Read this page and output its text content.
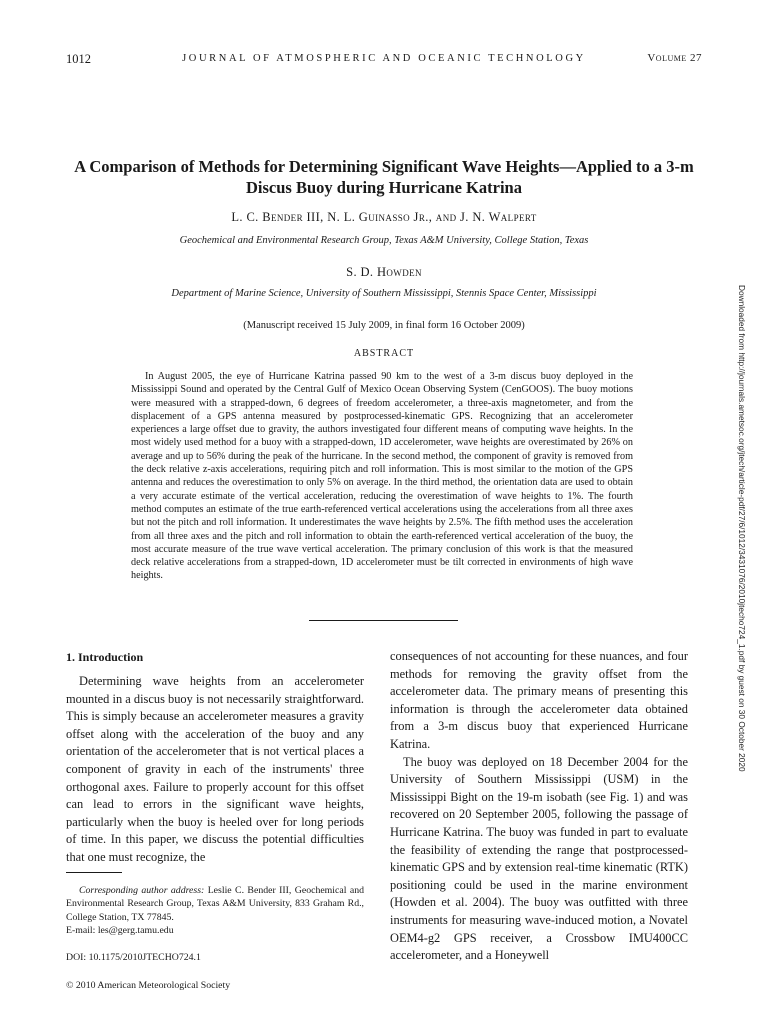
1012	JOURNAL OF ATMOSPHERIC AND OCEANIC TECHNOLOGY	Volume 27
A Comparison of Methods for Determining Significant Wave Heights—Applied to a 3-m Discus Buoy during Hurricane Katrina
L. C. Bender III, N. L. Guinasso Jr., and J. N. Walpert
Geochemical and Environmental Research Group, Texas A&M University, College Station, Texas
S. D. Howden
Department of Marine Science, University of Southern Mississippi, Stennis Space Center, Mississippi
(Manuscript received 15 July 2009, in final form 16 October 2009)
ABSTRACT

In August 2005, the eye of Hurricane Katrina passed 90 km to the west of a 3-m discus buoy deployed in the Mississippi Sound and operated by the Central Gulf of Mexico Ocean Observing System (CenGOOS). The buoy motions were measured with a strapped-down, 6 degrees of freedom accelerometer, a three-axis magnetometer, and from the displacement of a GPS antenna measured by postprocessed-kinematic GPS. Recognizing that an accelerometer experiences a large offset due to gravity, the authors investigated four different means of computing wave heights. In the most widely used method for a buoy with a strapped-down, 1D accelerometer, wave heights are overestimated by 26% on average and up to 56% during the peak of the hurricane. In the second method, the component of gravity is removed from the deck relative z-axis accelerations, requiring pitch and roll information. This is most similar to the motion of the GPS antenna and reduces the overestimation to only 5% on average. In the third method, the orientation data are used to obtain a very accurate estimate of the vertical acceleration, reducing the overestimation of wave heights to 1%. The fourth method computes an estimate of the true earth-referenced vertical accelerations using the accelerations from all three axes but not the pitch and roll information. It underestimates the wave heights by 2.5%. The fifth method uses the acceleration from all three axes and the pitch and roll information to obtain the earth-referenced vertical acceleration of the buoy, the most accurate measure of the true wave vertical acceleration. The primary conclusion of this work is that the measured deck relative accelerations from a strapped-down, 1D accelerometer must be tilt corrected in environments of high wave heights.

1. Introduction

Determining wave heights from an accelerometer mounted in a discus buoy is not necessarily straightforward. This is simply because an accelerometer measures a gravity offset along with the acceleration of the buoy and any orientation of the accelerometer that is not vertical places a component of gravity in each of the instruments' three orthogonal axes. Failure to properly account for this offset can lead to errors in the significant wave heights, particularly when the buoy is heeled over for long periods of time. In this paper, we discuss the potential difficulties that one must recognize, the

consequences of not accounting for these nuances, and four methods for removing the gravity offset from the accelerometer data. The primary means of presenting this information is through the accelerometer data obtained from a 3-m discus buoy that experienced Hurricane Katrina.

The buoy was deployed on 18 December 2004 for the University of Southern Mississippi (USM) in the Mississippi Bight on the 19-m isobath (see Fig. 1) and was recovered on 20 September 2005, following the passage of Hurricane Katrina. The buoy was funded in part to evaluate the feasibility of extending the range that postprocessed-kinematic GPS and by extension real-time kinematic (RTK) positioning could be used in the marine environment (Howden et al. 2004). The buoy was outfitted with three instruments for measuring wave-induced motion, a Novatel OEM4-g2 GPS receiver, a Crossbow IMU400CC accelerometer, and a Honeywell

Corresponding author address: Leslie C. Bender III, Geochemical and Environmental Research Group, Texas A&M University, 833 Graham Rd., College Station, TX 77845.
E-mail: les@gerg.tamu.edu

DOI: 10.1175/2010JTECHO724.1
© 2010 American Meteorological Society
Downloaded from http://journals.ametsoc.org/jtech/article-pdf/27/6/1012/3431076/2010jtecho724_1.pdf by guest on 30 October 2020
